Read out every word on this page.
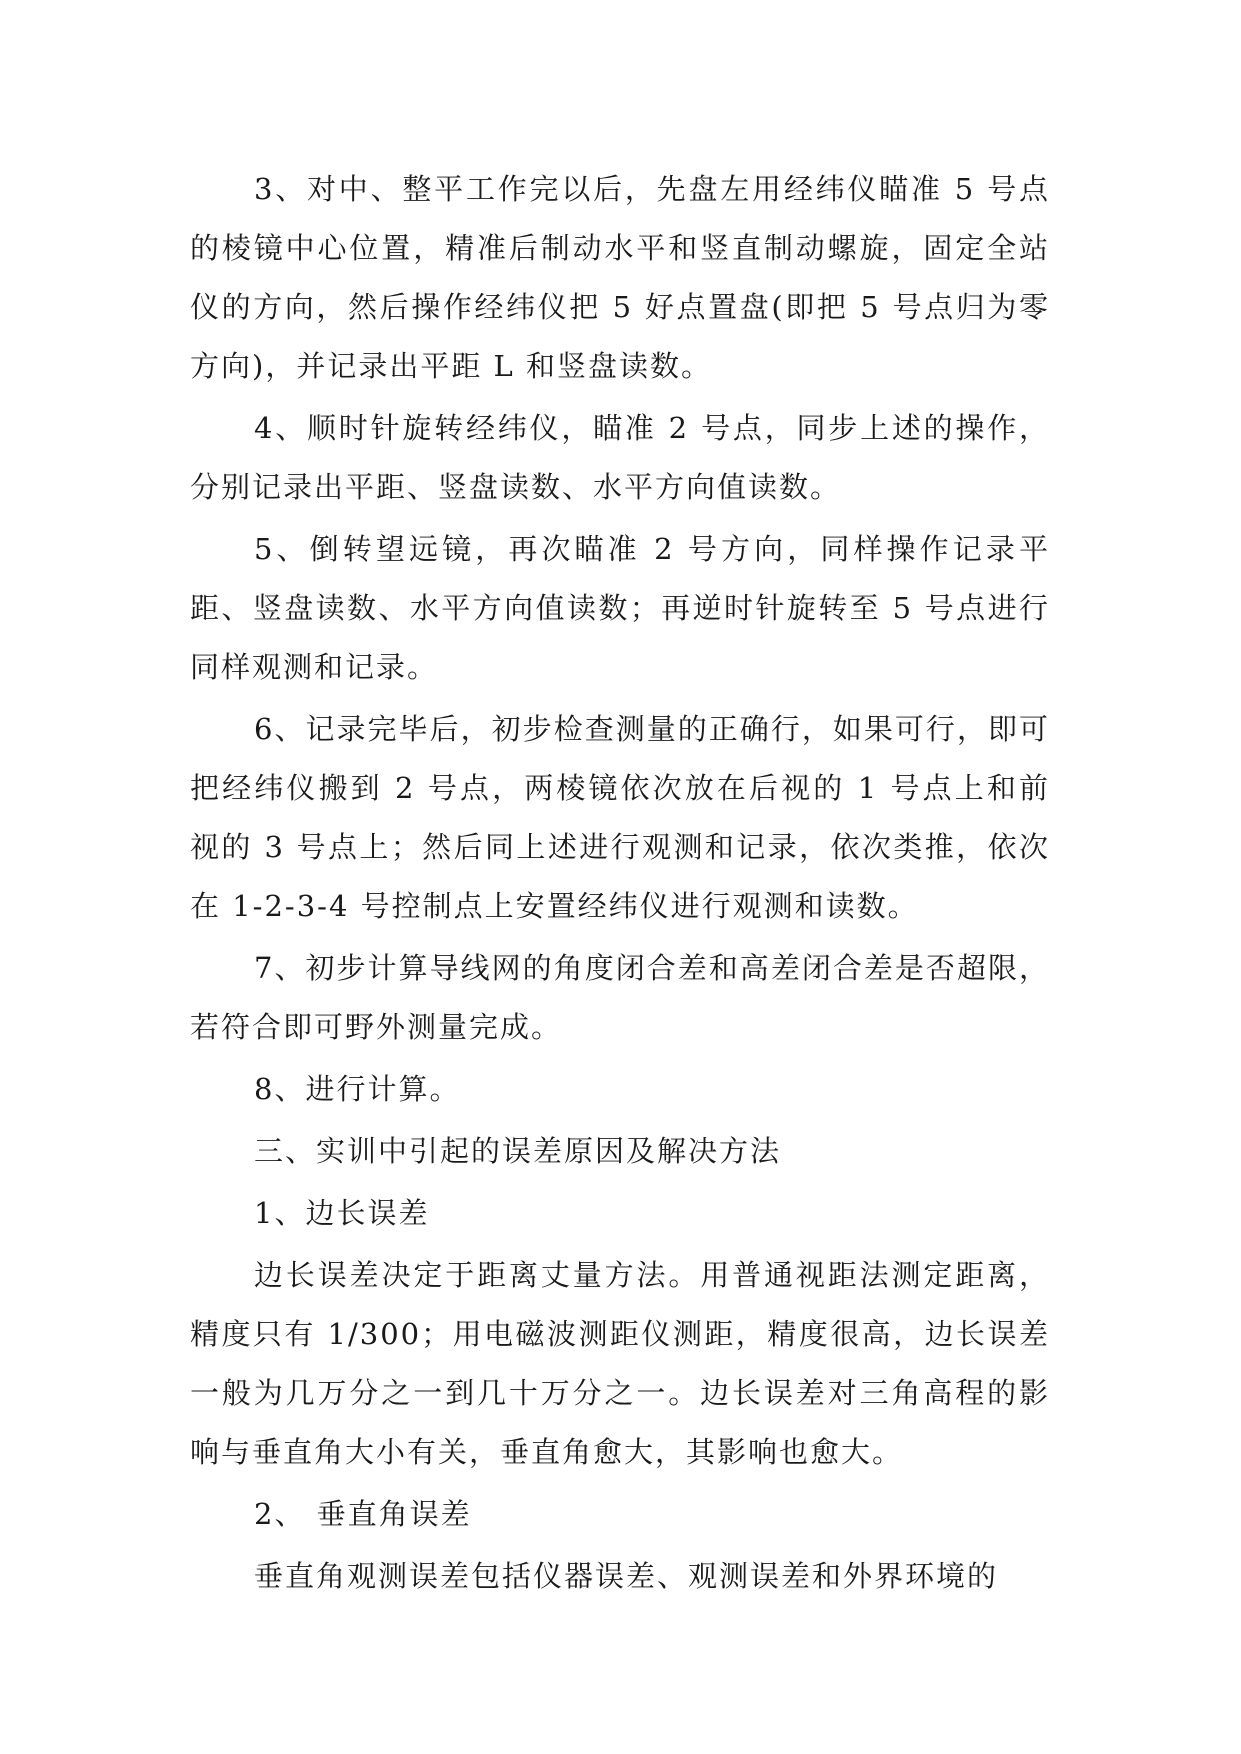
3、对中、整平工作完以后，先盘左用经纬仪瞄准 5 号点的棱镜中心位置，精准后制动水平和竖直制动螺旋，固定全站仪的方向，然后操作经纬仪把 5 好点置盘(即把 5 号点归为零方向)，并记录出平距 L 和竖盘读数。

4、顺时针旋转经纬仪，瞄准 2 号点，同步上述的操作，分别记录出平距、竖盘读数、水平方向值读数。

5、倒转望远镜，再次瞄准 2 号方向，同样操作记录平距、竖盘读数、水平方向值读数；再逆时针旋转至 5 号点进行同样观测和记录。

6、记录完毕后，初步检查测量的正确行，如果可行，即可把经纬仪搬到 2 号点，两棱镜依次放在后视的 1 号点上和前视的 3 号点上；然后同上述进行观测和记录，依次类推，依次在 1-2-3-4 号控制点上安置经纬仪进行观测和读数。

7、初步计算导线网的角度闭合差和高差闭合差是否超限，若符合即可野外测量完成。

8、进行计算。

三、实训中引起的误差原因及解决方法

1、边长误差

边长误差决定于距离丈量方法。用普通视距法测定距离，精度只有 1/300；用电磁波测距仪测距，精度很高，边长误差一般为几万分之一到几十万分之一。边长误差对三角高程的影响与垂直角大小有关，垂直角愈大，其影响也愈大。

2、 垂直角误差

垂直角观测误差包括仪器误差、观测误差和外界环境的
